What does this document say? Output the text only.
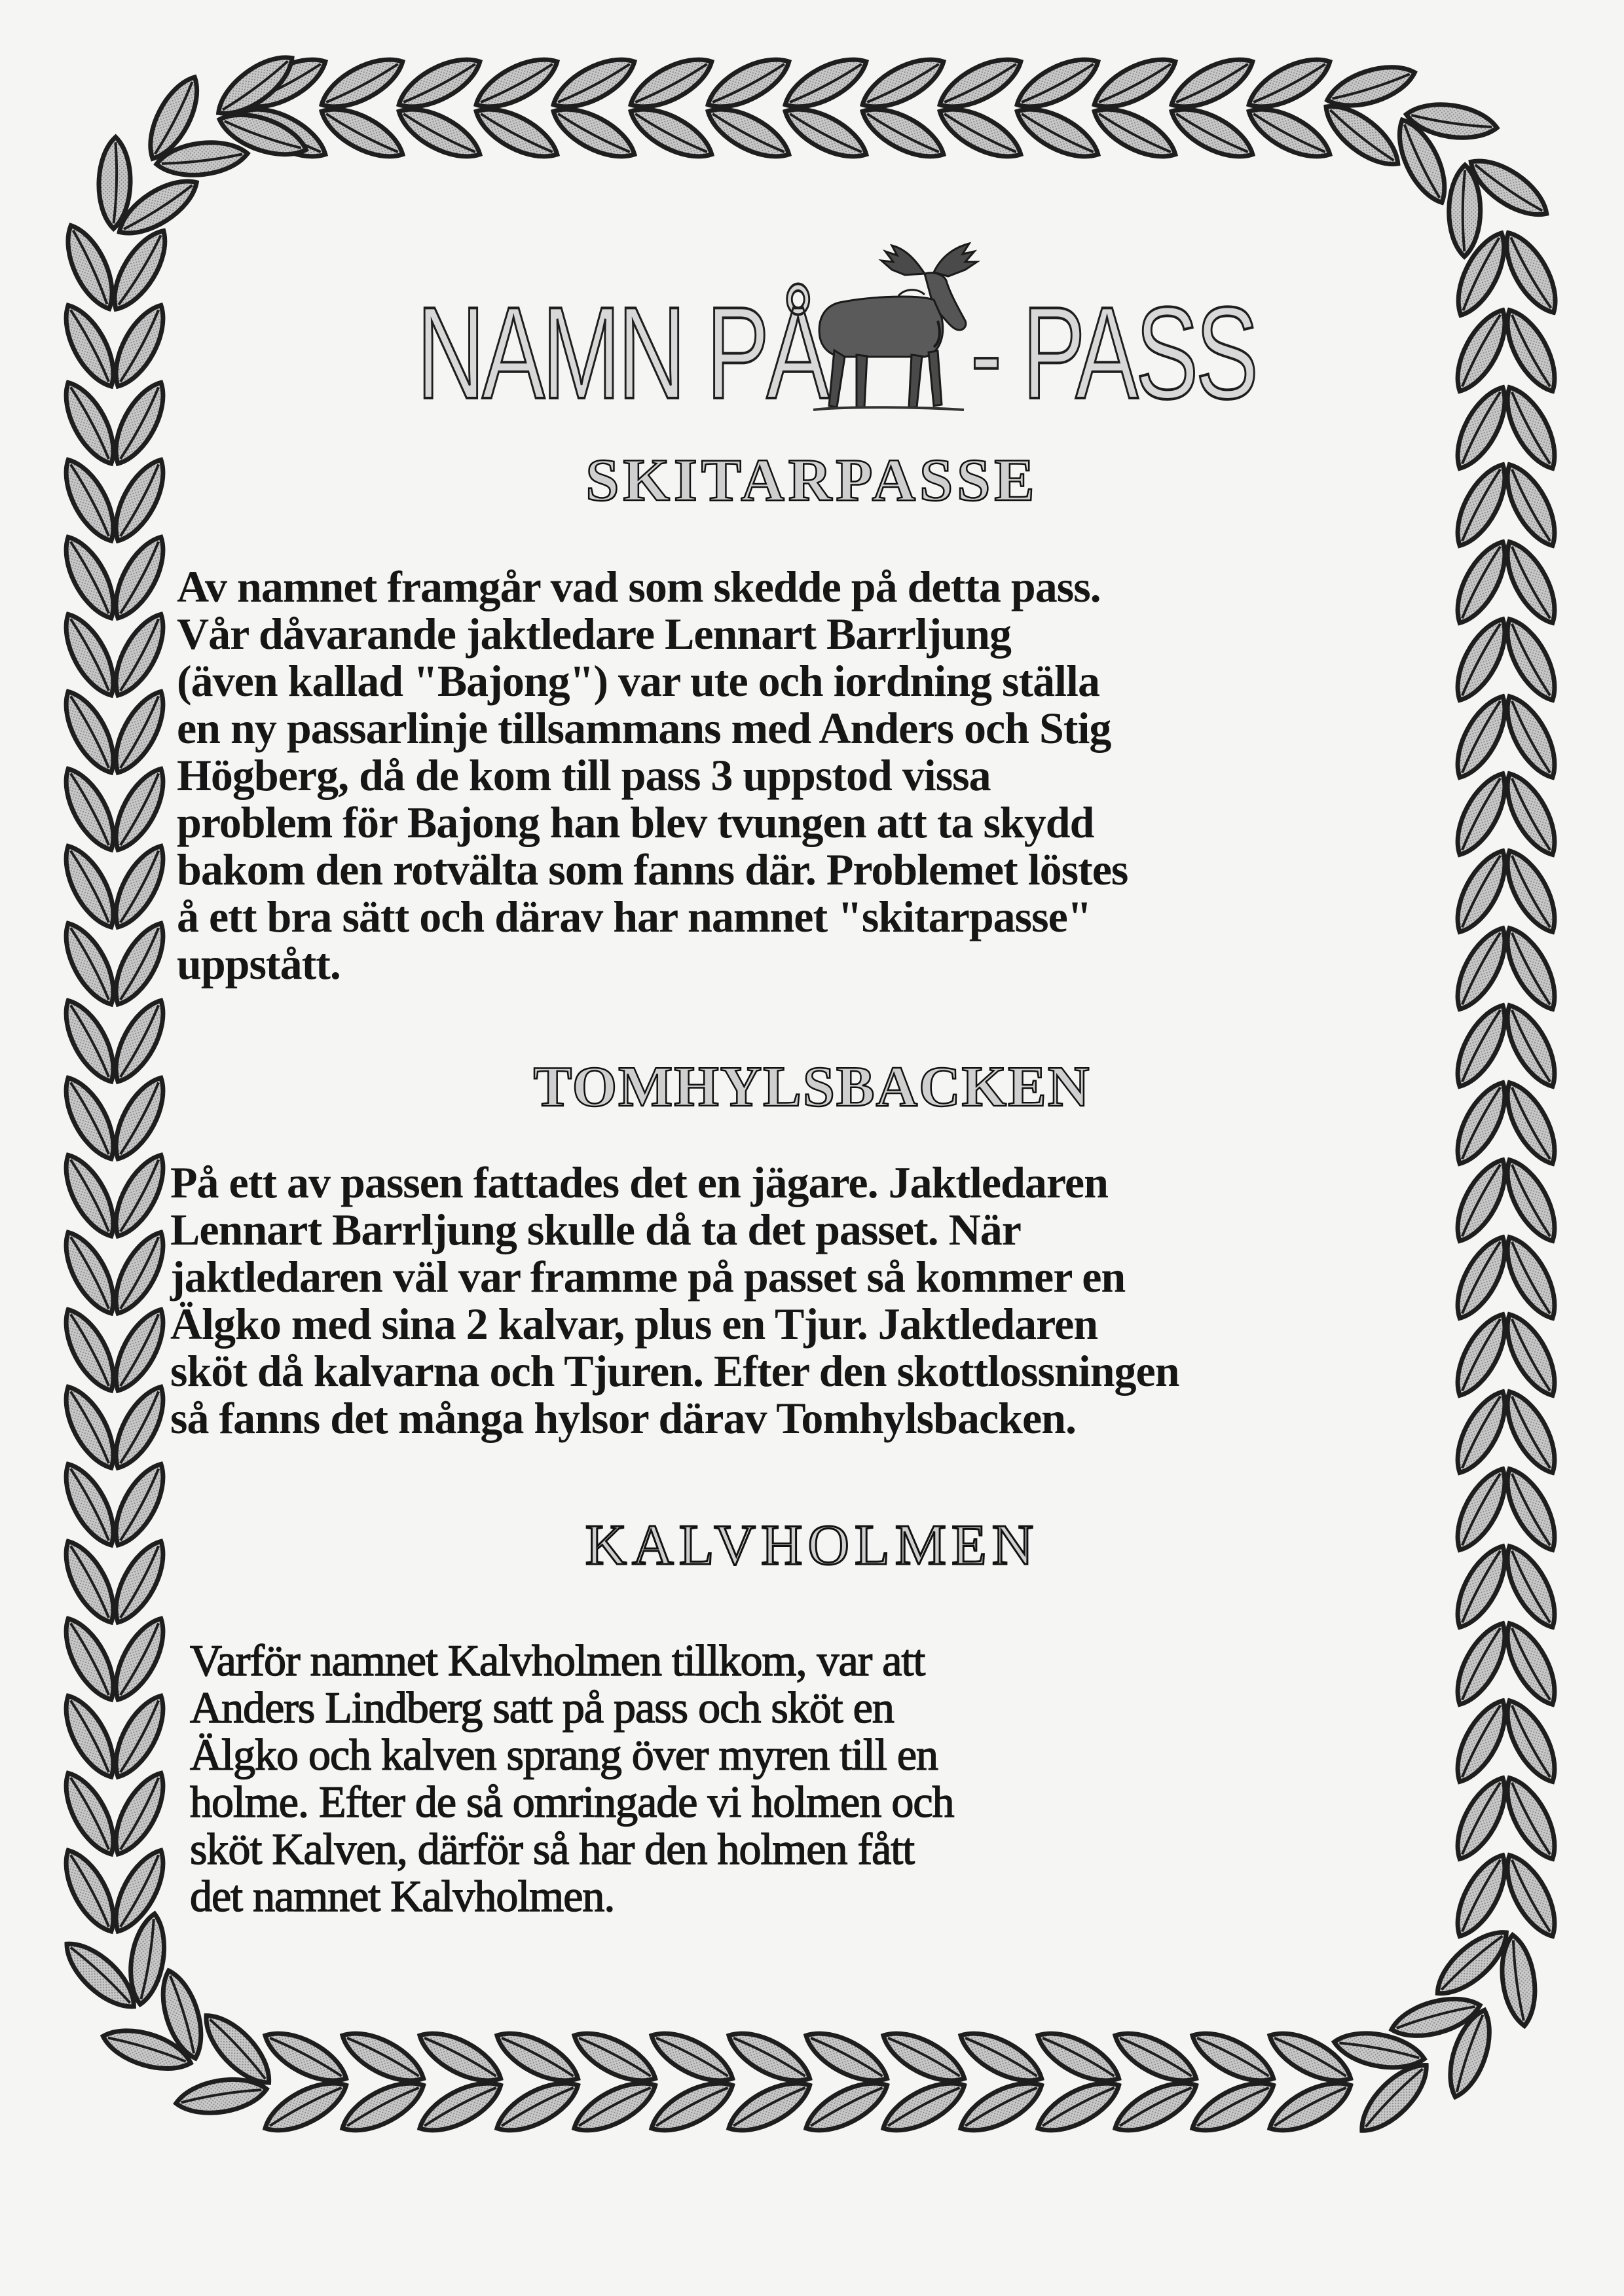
NAMN PÅ - PASS
SKITARPASSE
Av namnet framgår vad som skedde på detta pass.
Vår dåvarande jaktledare Lennart Barrljung
(även kallad "Bajong") var ute och iordning ställa
en ny passarlinje tillsammans med Anders och Stig
Högberg, då de kom till pass 3 uppstod vissa
problem för Bajong han blev tvungen att ta skydd
bakom den rotvälta som fanns där. Problemet löstes
å ett bra sätt och därav har namnet "skitarpasse"
uppstått.
TOMHYLSBACKEN
På ett av passen fattades det en jägare. Jaktledaren
Lennart Barrljung skulle då ta det passet. När
jaktledaren väl var framme på passet så kommer en
Älgko med sina 2 kalvar, plus en Tjur. Jaktledaren
sköt då kalvarna och Tjuren. Efter den skottlossningen
så fanns det många hylsor därav Tomhylsbacken.
KALVHOLMEN
Varför namnet Kalvholmen tillkom, var att
Anders Lindberg satt på pass och sköt en
Älgko och kalven sprang över myren till en
holme. Efter de så omringade vi holmen och
sköt Kalven, därför så har den holmen fått
det namnet Kalvholmen.
